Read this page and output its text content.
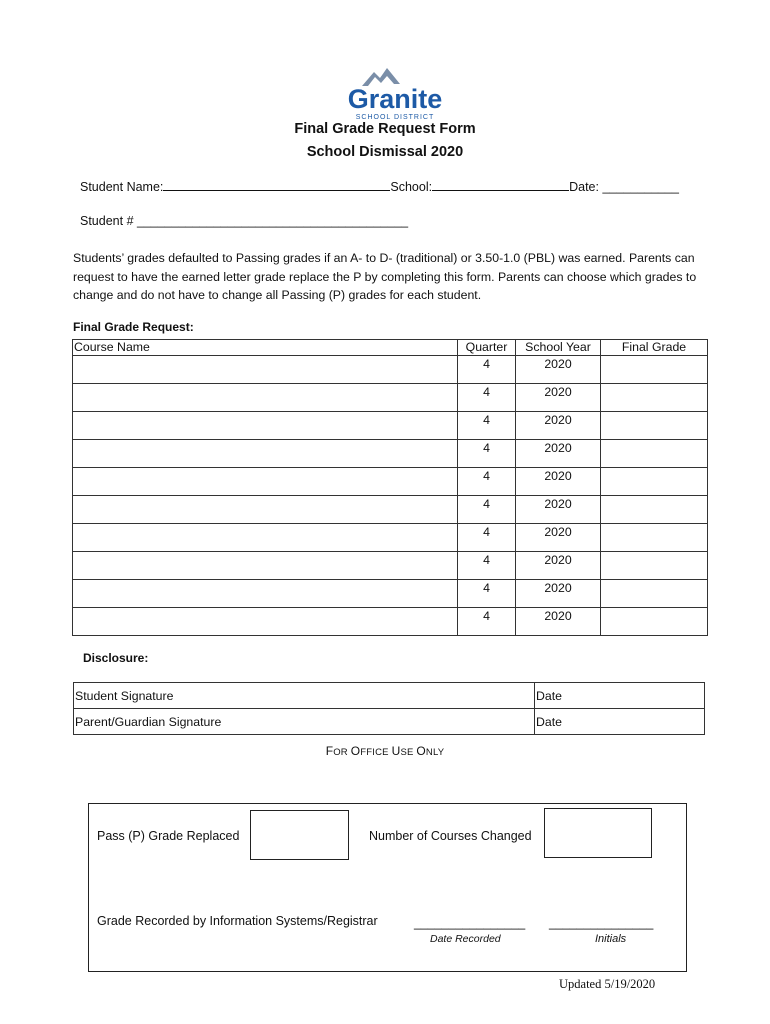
Granite
SCHOOL DISTRICT
Final Grade Request Form
School Dismissal 2020
Student Name:	School:	Date: ___________
Student # _______________________________________
Students’ grades defaulted to Passing grades if an A- to D- (traditional) or 3.50-1.0 (PBL) was earned. Parents can request to have the earned letter grade replace the P by completing this form. Parents can choose which grades to change and do not have to change all Passing (P) grades for each student.
Final Grade Request:
Course Name	Quarter	School Year	Final Grade
	4	2020	
	4	2020	
	4	2020	
	4	2020	
	4	2020	
	4	2020	
	4	2020	
	4	2020	
	4	2020	
	4	2020	
Disclosure:
Student Signature	Date
Parent/Guardian Signature	Date
FOR OFFICE USE ONLY
Pass (P) Grade Replaced	Number of Courses Changed
Grade Recorded by Information Systems/Registrar	________________ _______________
Date Recorded	Initials
Updated 5/19/2020
